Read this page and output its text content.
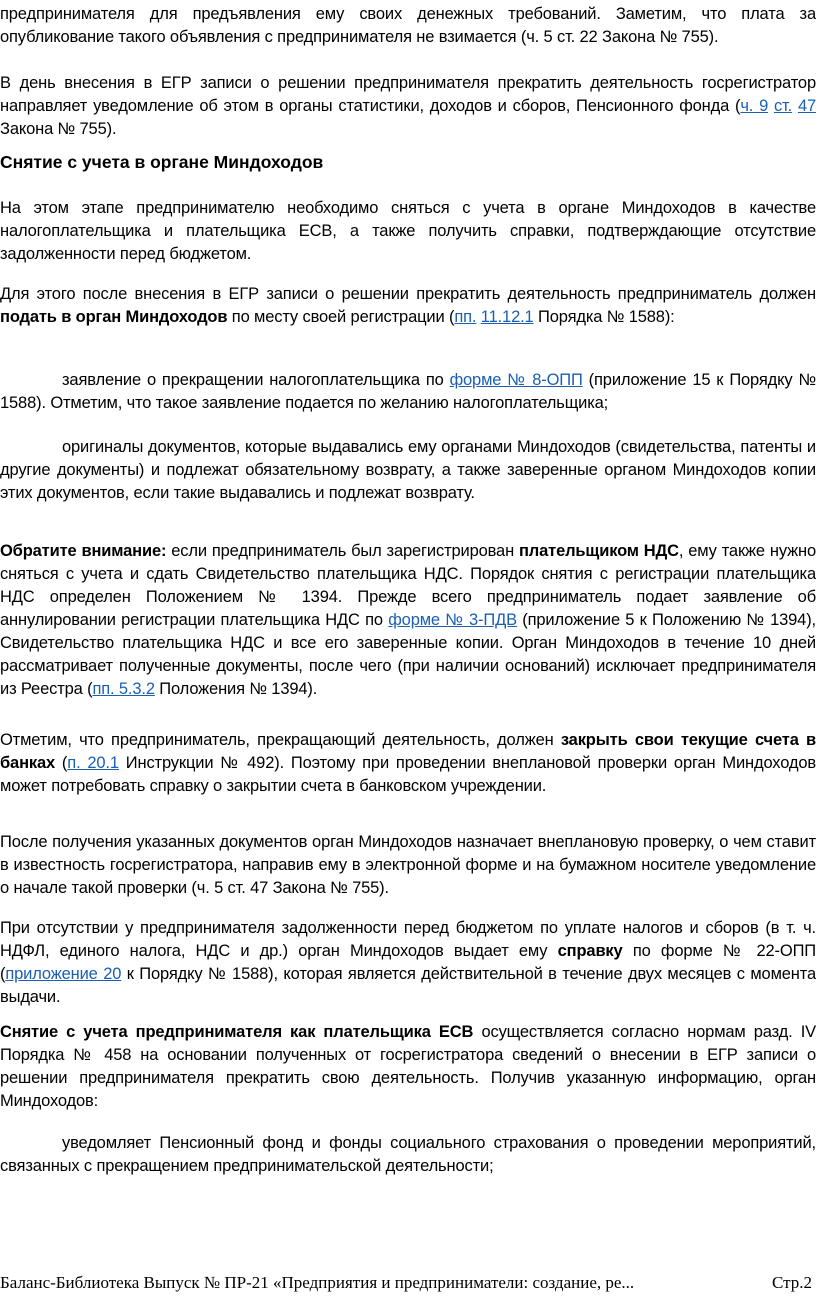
предпринимателя для предъявления ему своих денежных требований. Заметим, что плата за опубликование такого объявления с предпринимателя не взимается (ч. 5 ст. 22 Закона № 755).

В день внесения в ЕГР записи о решении предпринимателя прекратить деятельность госрегистратор направляет уведомление об этом в органы статистики, доходов и сборов, Пенсионного фонда (ч. 9 ст. 47 Закона № 755).

Снятие с учета в органе Миндоходов

На этом этапе предпринимателю необходимо сняться с учета в органе Миндоходов в качестве налогоплательщика и плательщика ЕСВ, а также получить справки, подтверждающие отсутствие задолженности перед бюджетом.

Для этого после внесения в ЕГР записи о решении прекратить деятельность предприниматель должен подать в орган Миндоходов по месту своей регистрации (пп. 11.12.1 Порядка № 1588):

заявление о прекращении налогоплательщика по форме № 8-ОПП (приложение 15 к Порядку № 1588). Отметим, что такое заявление подается по желанию налогоплательщика;

оригиналы документов, которые выдавались ему органами Миндоходов (свидетельства, патенты и другие документы) и подлежат обязательному возврату, а также заверенные органом Миндоходов копии этих документов, если такие выдавались и подлежат возврату.

Обратите внимание: если предприниматель был зарегистрирован плательщиком НДС, ему также нужно сняться с учета и сдать Свидетельство плательщика НДС. Порядок снятия с регистрации плательщика НДС определен Положением № 1394. Прежде всего предприниматель подает заявление об аннулировании регистрации плательщика НДС по форме № 3-ПДВ (приложение 5 к Положению № 1394), Свидетельство плательщика НДС и все его заверенные копии. Орган Миндоходов в течение 10 дней рассматривает полученные документы, после чего (при наличии оснований) исключает предпринимателя из Реестра (пп. 5.3.2 Положения № 1394).

Отметим, что предприниматель, прекращающий деятельность, должен закрыть свои текущие счета в банках (п. 20.1 Инструкции № 492). Поэтому при проведении внеплановой проверки орган Миндоходов может потребовать справку о закрытии счета в банковском учреждении.

После получения указанных документов орган Миндоходов назначает внеплановую проверку, о чем ставит в известность госрегистратора, направив ему в электронной форме и на бумажном носителе уведомление о начале такой проверки (ч. 5 ст. 47 Закона № 755).

При отсутствии у предпринимателя задолженности перед бюджетом по уплате налогов и сборов (в т. ч. НДФЛ, единого налога, НДС и др.) орган Миндоходов выдает ему справку по форме № 22-ОПП (приложение 20 к Порядку № 1588), которая является действительной в течение двух месяцев с момента выдачи.

Снятие с учета предпринимателя как плательщика ЕСВ осуществляется согласно нормам разд. IV Порядка № 458 на основании полученных от госрегистратора сведений о внесении в ЕГР записи о решении предпринимателя прекратить свою деятельность. Получив указанную информацию, орган Миндоходов:

уведомляет Пенсионный фонд и фонды социального страхования о проведении мероприятий, связанных с прекращением предпринимательской деятельности;

Баланс-Библиотека Выпуск № ПР-21 «Предприятия и предприниматели: создание, ре...	Стр.2
